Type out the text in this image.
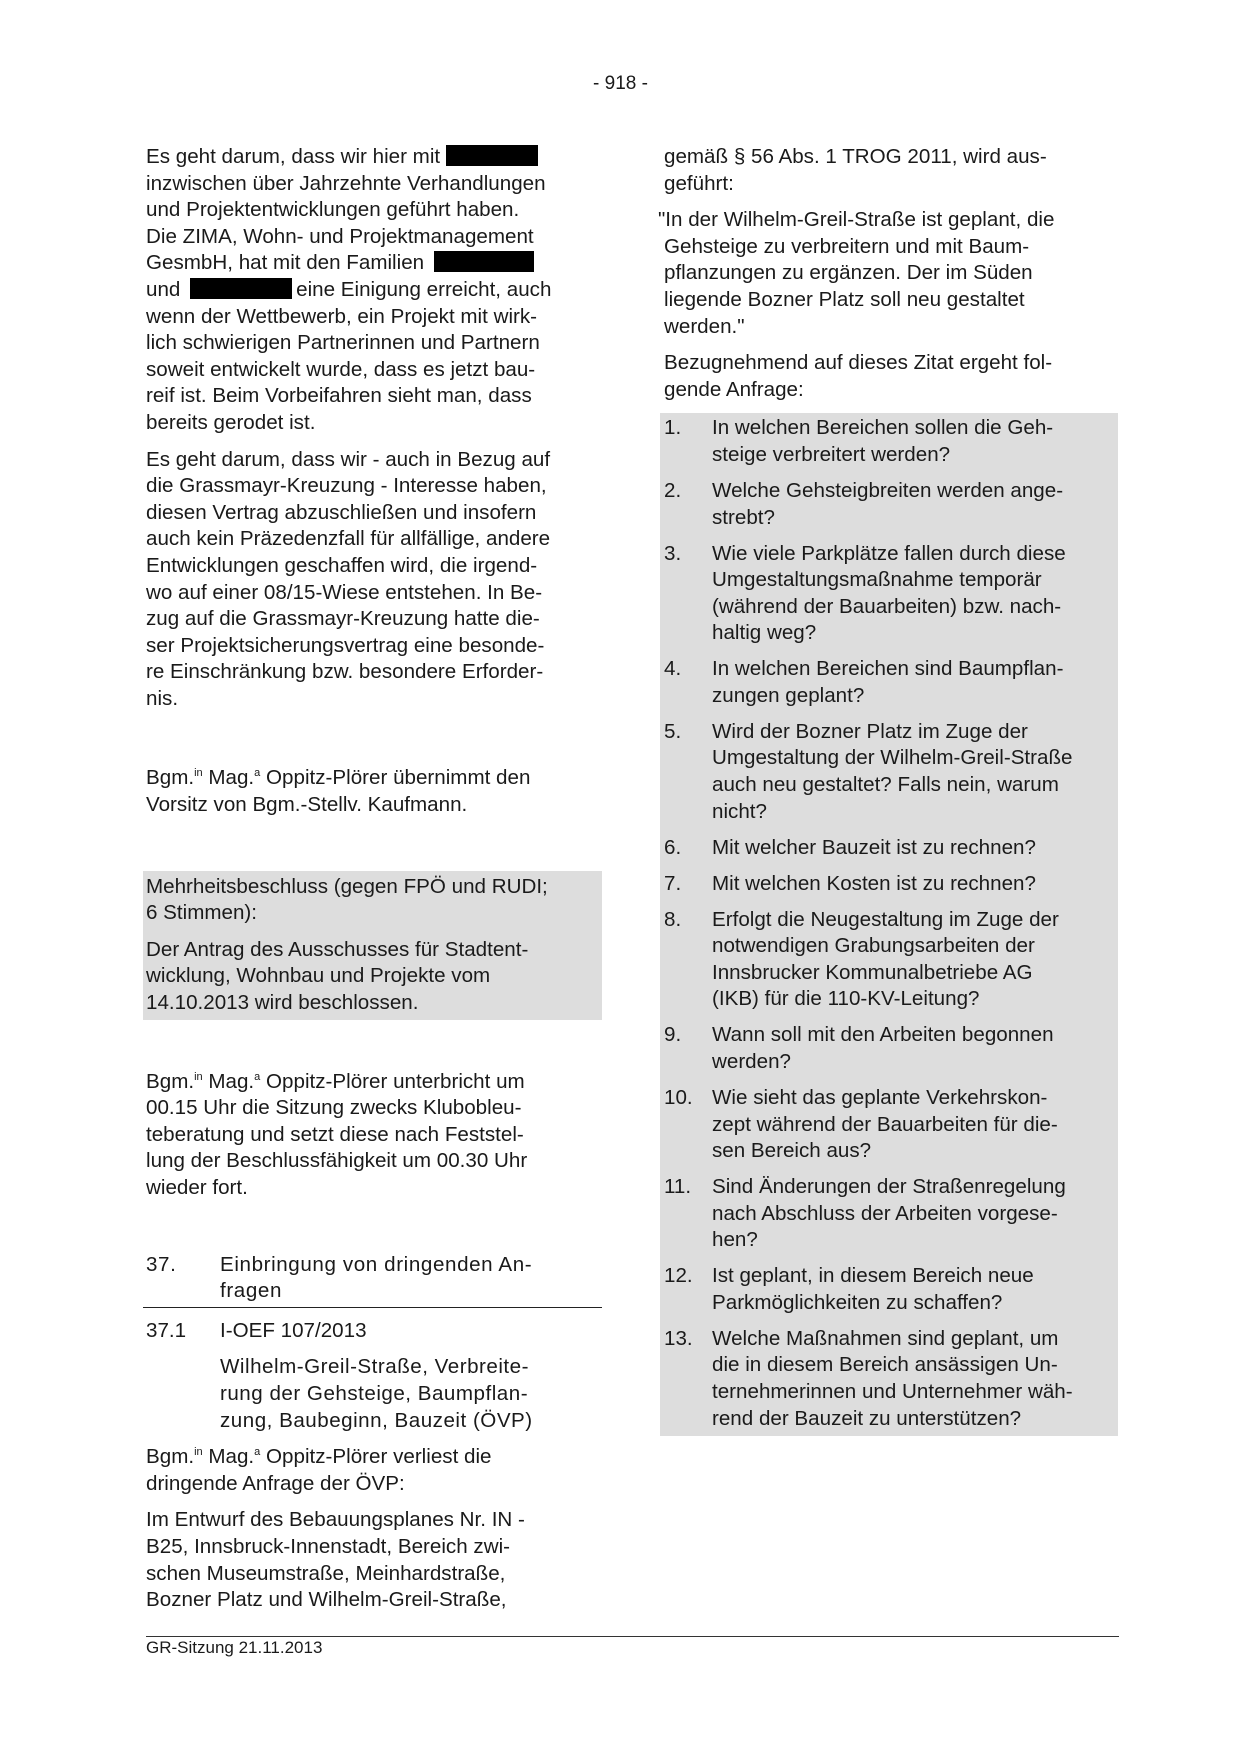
- 918 -

Es geht darum, dass wir hier mit
inzwischen über Jahrzehnte Verhandlungen
und Projektentwicklungen geführt haben.
Die ZIMA, Wohn- und Projektmanagement
GesmbH, hat mit den Familien
und	eine Einigung erreicht, auch
wenn der Wettbewerb, ein Projekt mit wirk-
lich schwierigen Partnerinnen und Partnern
soweit entwickelt wurde, dass es jetzt bau-
reif ist. Beim Vorbeifahren sieht man, dass
bereits gerodet ist.

Es geht darum, dass wir - auch in Bezug auf
die Grassmayr-Kreuzung - Interesse haben,
diesen Vertrag abzuschließen und insofern
auch kein Präzedenzfall für allfällige, andere
Entwicklungen geschaffen wird, die irgend-
wo auf einer 08/15-Wiese entstehen. In Be-
zug auf die Grassmayr-Kreuzung hatte die-
ser Projektsicherungsvertrag eine besonde-
re Einschränkung bzw. besondere Erforder-
nis.

Bgm.$^{in}$ Mag.$^a$ Oppitz-Plörer übernimmt den
Vorsitz von Bgm.-Stellv. Kaufmann.

Mehrheitsbeschluss (gegen FPÖ und RUDI;
6 Stimmen):

Der Antrag des Ausschusses für Stadtent-
wicklung, Wohnbau und Projekte vom
14.10.2013 wird beschlossen.

Bgm.$^{in}$ Mag.$^a$ Oppitz-Plörer unterbricht um
00.15 Uhr die Sitzung zwecks Klubobleu-
teberatung und setzt diese nach Feststel-
lung der Beschlussfähigkeit um 00.30 Uhr
wieder fort.

37.	Einbringung von dringenden An-
fragen
37.1	I-OEF 107/2013
Wilhelm-Greil-Straße, Verbreite-
rung der Gehsteige, Baumpflan-
zung, Baubeginn, Bauzeit (ÖVP)

Bgm.$^{in}$ Mag.$^a$ Oppitz-Plörer verliest die
dringende Anfrage der ÖVP:

Im Entwurf des Bebauungsplanes Nr. IN -
B25, Innsbruck-Innenstadt, Bereich zwi-
schen Museumstraße, Meinhardstraße,
Bozner Platz und Wilhelm-Greil-Straße,

gemäß § 56 Abs. 1 TROG 2011, wird aus-
geführt:

"In der Wilhelm-Greil-Straße ist geplant, die
Gehsteige zu verbreitern und mit Baum-
pflanzungen zu ergänzen. Der im Süden
liegende Bozner Platz soll neu gestaltet
werden."

Bezugnehmend auf dieses Zitat ergeht fol-
gende Anfrage:

1.	In welchen Bereichen sollen die Geh-
steige verbreitert werden?
2.	Welche Gehsteigbreiten werden ange-
strebt?
3.	Wie viele Parkplätze fallen durch diese
Umgestaltungsmaßnahme temporär
(während der Bauarbeiten) bzw. nach-
haltig weg?
4.	In welchen Bereichen sind Baumpflan-
zungen geplant?
5.	Wird der Bozner Platz im Zuge der
Umgestaltung der Wilhelm-Greil-Straße
auch neu gestaltet? Falls nein, warum
nicht?
6.	Mit welcher Bauzeit ist zu rechnen?
7.	Mit welchen Kosten ist zu rechnen?
8.	Erfolgt die Neugestaltung im Zuge der
notwendigen Grabungsarbeiten der
Innsbrucker Kommunalbetriebe AG
(IKB) für die 110-KV-Leitung?
9.	Wann soll mit den Arbeiten begonnen
werden?
10. Wie sieht das geplante Verkehrskon-
zept während der Bauarbeiten für die-
sen Bereich aus?
11.	Sind Änderungen der Straßenregelung
nach Abschluss der Arbeiten vorgese-
hen?
12. Ist geplant, in diesem Bereich neue
Parkmöglichkeiten zu schaffen?
13. Welche Maßnahmen sind geplant, um
die in diesem Bereich ansässigen Un-
ternehmerinnen und Unternehmer wäh-
rend der Bauzeit zu unterstützen?
GR-Sitzung 21.11.2013
